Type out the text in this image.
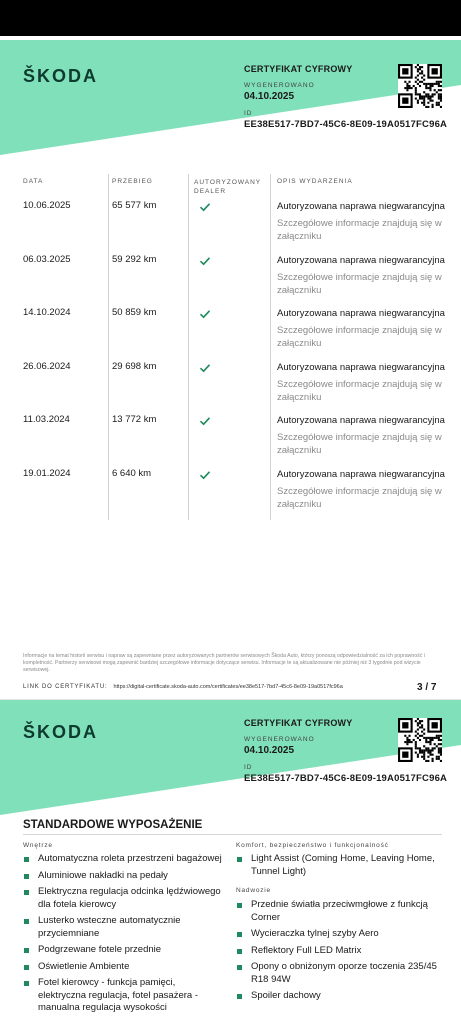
ŠKODA	CERTYFIKAT CYFROWY
WYGENEROWANO
04.10.2025
ID
EE38E517-7BD7-45C6-8E09-19A0517FC96A
DATA	PRZEBIEG	AUTORYZOWANY DEALER
OPIS WYDARZENIA
10.06.2025	65 577 km	Autoryzowana naprawa niegwarancyjna
Szczegółowe informacje znajdują się w załączniku
06.03.2025	59 292 km	Autoryzowana naprawa niegwarancyjna
Szczegółowe informacje znajdują się w załączniku
14.10.2024	50 859 km	Autoryzowana naprawa niegwarancyjna
Szczegółowe informacje znajdują się w załączniku
26.06.2024	29 698 km	Autoryzowana naprawa niegwarancyjna
Szczegółowe informacje znajdują się w załączniku
11.03.2024	13 772 km	Autoryzowana naprawa niegwarancyjna
Szczegółowe informacje znajdują się w załączniku
19.01.2024	6 640 km	Autoryzowana naprawa niegwarancyjna
Szczegółowe informacje znajdują się w załączniku
Informacje na temat historii serwisu i napraw są zapewniane przez autoryzowanych partnerów serwisowych Škoda Auto, którzy ponoszą odpowiedzialność za ich poprawność i kompletność. Partnerzy serwisowi mogą zapewnić bardziej szczegółowe informacje dotyczące serwisu. Informacje te są aktualizowane nie później niż 3 tygodnie pod wizycie serwisowej.
LINK DO CERTYFIKATU: https://digital-certificate.skoda-auto.com/certificates/ee38e517-7bd7-45c6-8e09-19a0517fc96a	3 / 7
ŠKODA	CERTYFIKAT CYFROWY
WYGENEROWANO
04.10.2025
ID
EE38E517-7BD7-45C6-8E09-19A0517FC96A
STANDARDOWE WYPOSAŻENIE
Wnętrze
Automatyczna roleta przestrzeni bagażowej
Aluminiowe nakładki na pedały
Elektryczna regulacja odcinka lędźwiowego dla fotela kierowcy
Lusterko wsteczne automatycznie przyciemniane
Podgrzewane fotele przednie
Oświetlenie Ambiente
Fotel kierowcy - funkcja pamięci, elektryczna regulacja, fotel pasażera - manualna regulacja wysokości
Komfort, bezpieczeństwo i funkcjonalność
Light Assist (Coming Home, Leaving Home, Tunnel Light)
Nadwozie
Przednie światła przeciwmgłowe z funkcją Corner
Wycieraczka tylnej szyby Aero
Reflektory Full LED Matrix
Opony o obniżonym oporze toczenia 235/45 R18 94W
Spoiler dachowy
